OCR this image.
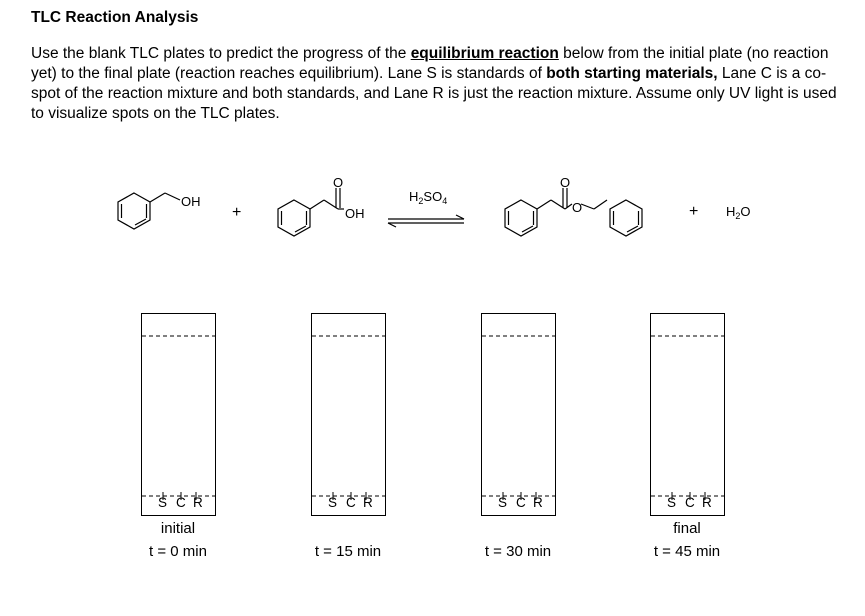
TLC Reaction Analysis
Use the blank TLC plates to predict the progress of the equilibrium reaction below from the initial plate (no reaction yet) to the final plate (reaction reaches equilibrium). Lane S is standards of both starting materials, Lane C is a co-spot of the reaction mixture and both standards, and Lane R is just the reaction mixture. Assume only UV light is used to visualize spots on the TLC plates.
OH
+
O
OH
$H_2SO_4$
O
O	+ $H_2O$
S C R
initial
t = 0 min
S C R
t = 15 min
S C R
t = 30 min
S C R
final
t = 45 min
